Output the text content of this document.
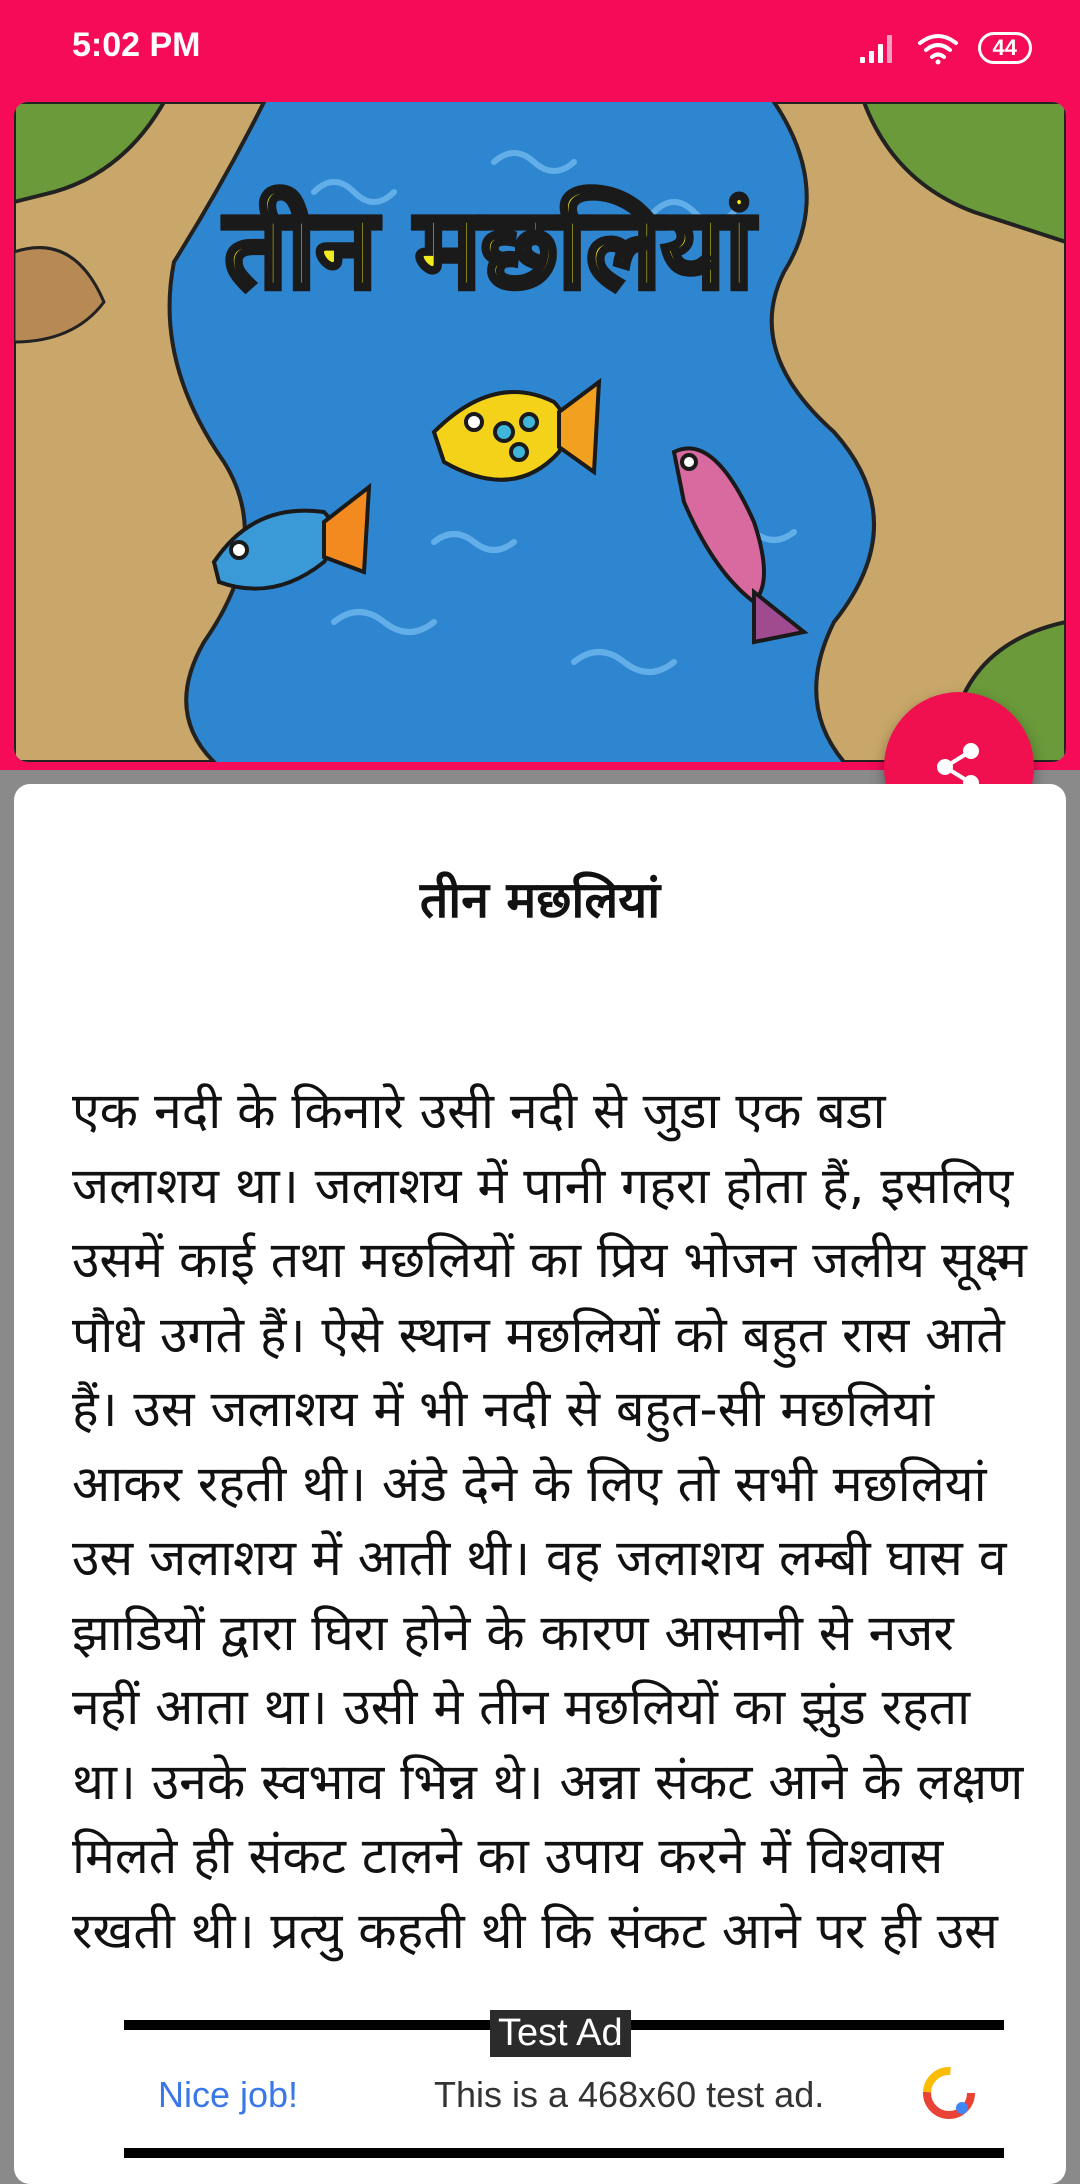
5:02 PM	44
तीन मछलियां
तीन मछलियां
एक नदी के किनारे उसी नदी से जुडा एक बडा जलाशय था। जलाशय में पानी गहरा होता हैं, इसलिए उसमें काई तथा मछलियों का प्रिय भोजन जलीय सूक्ष्म पौधे उगते हैं। ऐसे स्थान मछलियों को बहुत रास आते हैं। उस जलाशय में भी नदी से बहुत-सी मछलियां आकर रहती थी। अंडे देने के लिए तो सभी मछलियां उस जलाशय में आती थी। वह जलाशय लम्बी घास व झाडियों द्वारा घिरा होने के कारण आसानी से नजर नहीं आता था। उसी मे तीन मछलियों का झुंड रहता था। उनके स्वभाव भिन्न थे। अन्ना संकट आने के लक्षण मिलते ही संकट टालने का उपाय करने में विश्वास रखती थी। प्रत्यु कहती थी कि संकट आने पर ही उस
Test Ad
Nice job!	This is a 468x60 test ad.
